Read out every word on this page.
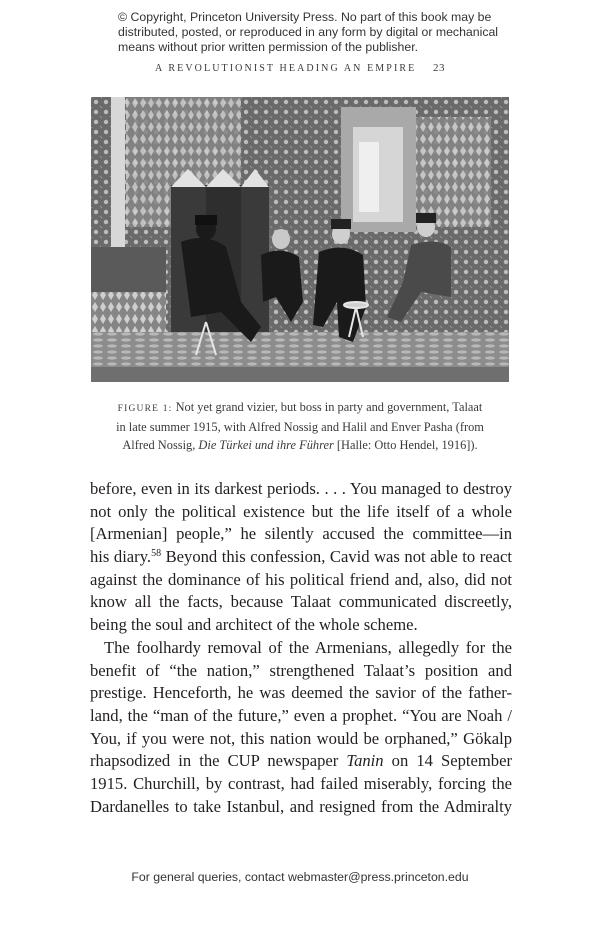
© Copyright, Princeton University Press. No part of this book may be
distributed, posted, or reproduced in any form by digital or mechanical
means without prior written permission of the publisher.
A REVOLUTIONIST HEADING AN EMPIRE 23
FIGURE 1: Not yet grand vizier, but boss in party and government, Talaat
in late summer 1915, with Alfred Nossig and Halil and Enver Pasha (from
Alfred Nossig, Die Türkei und ihre Führer [Halle: Otto Hendel, 1916]).
before, even in its darkest periods. . . . You managed to destroy
not only the political existence but the life itself of a whole
[Armenian] people,” he silently accused the committee—in
his diary.$^{58}$ Beyond this confession, Cavid was not able to react
against the dominance of his political friend and, also, did not
know all the facts, because Talaat communicated discreetly,
being the soul and architect of the whole scheme.
The foolhardy removal of the Armenians, allegedly for the
benefit of “the nation,” strengthened Talaat’s position and
prestige. Henceforth, he was deemed the savior of the father-
land, the “man of the future,” even a prophet. “You are Noah /
You, if you were not, this nation would be orphaned,” Gökalp
rhapsodized in the CUP newspaper Tanin on 14 September
1915. Churchill, by contrast, had failed miserably, forcing the
Dardanelles to take Istanbul, and resigned from the Admiralty
For general queries, contact webmaster@press.princeton.edu
